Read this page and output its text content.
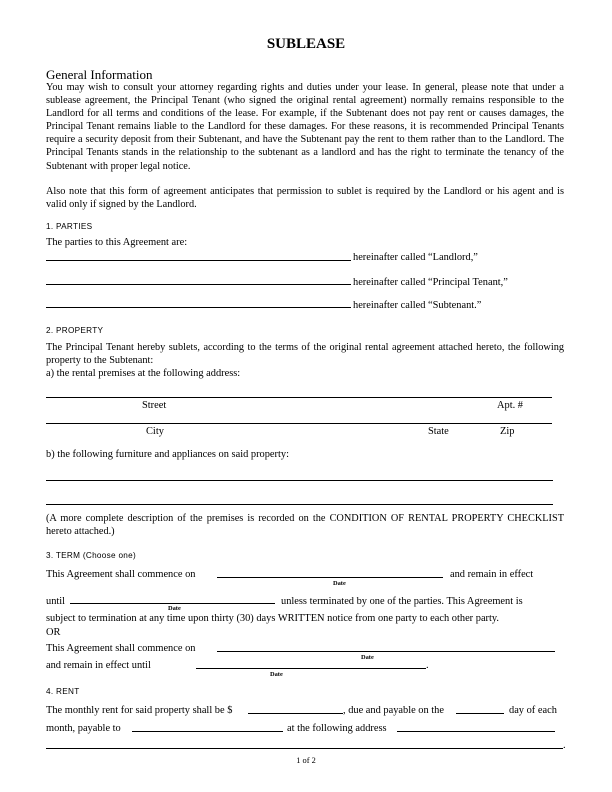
SUBLEASE
General Information
You may wish to consult your attorney regarding rights and duties under your lease. In general, please note that under a sublease agreement, the Principal Tenant (who signed the original rental agreement) normally remains responsible to the Landlord for all terms and conditions of the lease. For example, if the Subtenant does not pay rent or causes damages, the Principal Tenant remains liable to the Landlord for these damages. For these reasons, it is recommended Principal Tenants require a security deposit from their Subtenant, and have the Subtenant pay the rent to them rather than to the Landlord. The Principal Tenants stands in the relationship to the subtenant as a landlord and has the right to terminate the tenancy of the Subtenant with proper legal notice.
Also note that this form of agreement anticipates that permission to sublet is required by the Landlord or his agent and is valid only if signed by the Landlord.
1. PARTIES
The parties to this Agreement are:
hereinafter called “Landlord,”
hereinafter called “Principal Tenant,”
hereinafter called “Subtenant.”
2. PROPERTY
The Principal Tenant hereby sublets, according to the terms of the original rental agreement attached hereto, the following property to the Subtenant:
a) the rental premises at the following address:
Street	Apt. #
City	State	Zip
b) the following furniture and appliances on said property:
(A more complete description of the premises is recorded on the CONDITION OF RENTAL PROPERTY CHECKLIST hereto attached.)
3. TERM (Choose one)
This Agreement shall commence on
Date
and remain in effect
until
Date
unless terminated by one of the parties. This Agreement is
subject to termination at any time upon thirty (30) days WRITTEN notice from one party to each other party.
OR
This Agreement shall commence on
Date
and remain in effect until	.
Date
4. RENT
The monthly rent for said property shall be $	, due and payable on the	day of each
month, payable to	at the following address
.
1 of 2
